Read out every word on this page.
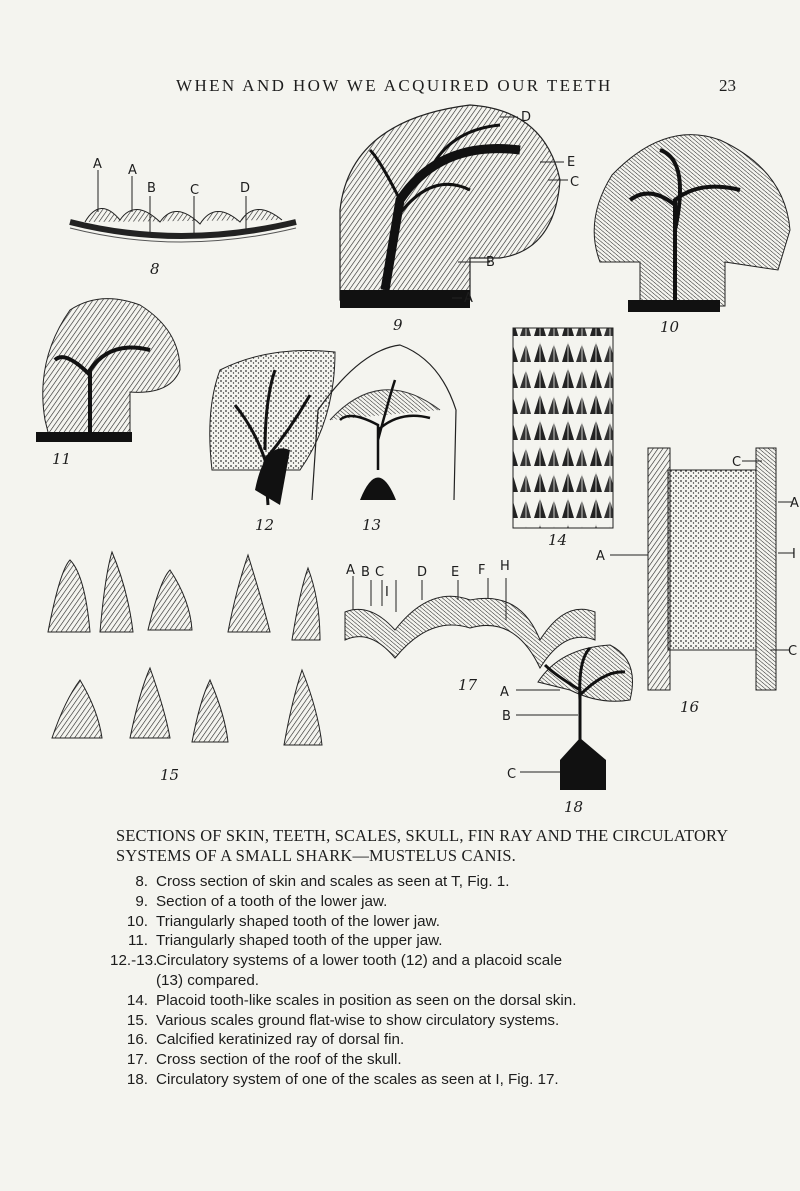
WHEN AND HOW WE ACQUIRED OUR TEETH	23
A A
B	C	D
8
D
E
C
B
A
9	10
11
12	13
14
15
C
A
A	I
C
16
A B C	D E F H
I
17 A
B
C
18
SECTIONS OF SKIN, TEETH, SCALES, SKULL, FIN RAY AND THE CIRCULATORY SYSTEMS OF A SMALL SHARK—MUSTELUS CANIS.
8. Cross section of skin and scales as seen at T, Fig. 1.
9. Section of a tooth of the lower jaw.
10. Triangularly shaped tooth of the lower jaw.
11. Triangularly shaped tooth of the upper jaw.
12.-13.
Circulatory systems of a lower tooth (12) and a placoid scale
(13) compared.
14. Placoid tooth-like scales in position as seen on the dorsal skin.
15. Various scales ground flat-wise to show circulatory systems.
16. Calcified keratinized ray of dorsal fin.
17. Cross section of the roof of the skull.
18. Circulatory system of one of the scales as seen at I, Fig. 17.
